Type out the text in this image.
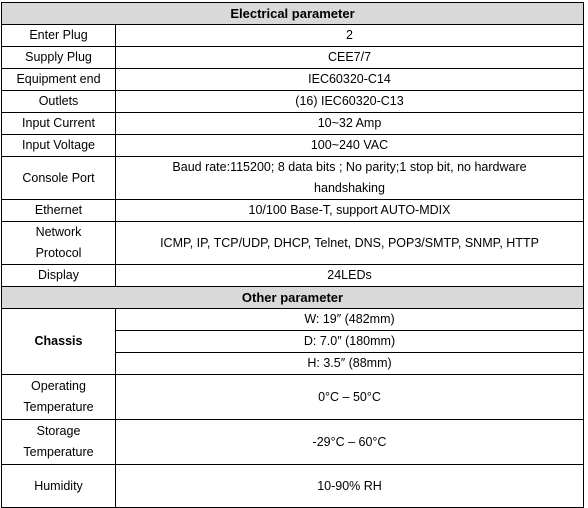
Electrical parameter	
Enter Plug	2
Supply Plug	CEE7/7
Equipment end	IEC60320-C14
Outlets	(16) IEC60320-C13
Input Current	10~32 Amp
Input Voltage	100~240 VAC
Console Port	Baud rate:115200; 8 data bits ; No parity;1 stop bit, no hardware handshaking
Ethernet	10/100 Base-T, support AUTO-MDIX
Network Protocol	ICMP, IP, TCP/UDP, DHCP, Telnet, DNS, POP3/SMTP, SNMP, HTTP
Display	24LEDs
Other parameter	
Chassis	W: 19″ (482mm)
	D: 7.0″ (180mm)
	H: 3.5″ (88mm)
Operating Temperature	0°C – 50°C
Storage Temperature	-29°C – 60°C
Humidity	10-90% RH
